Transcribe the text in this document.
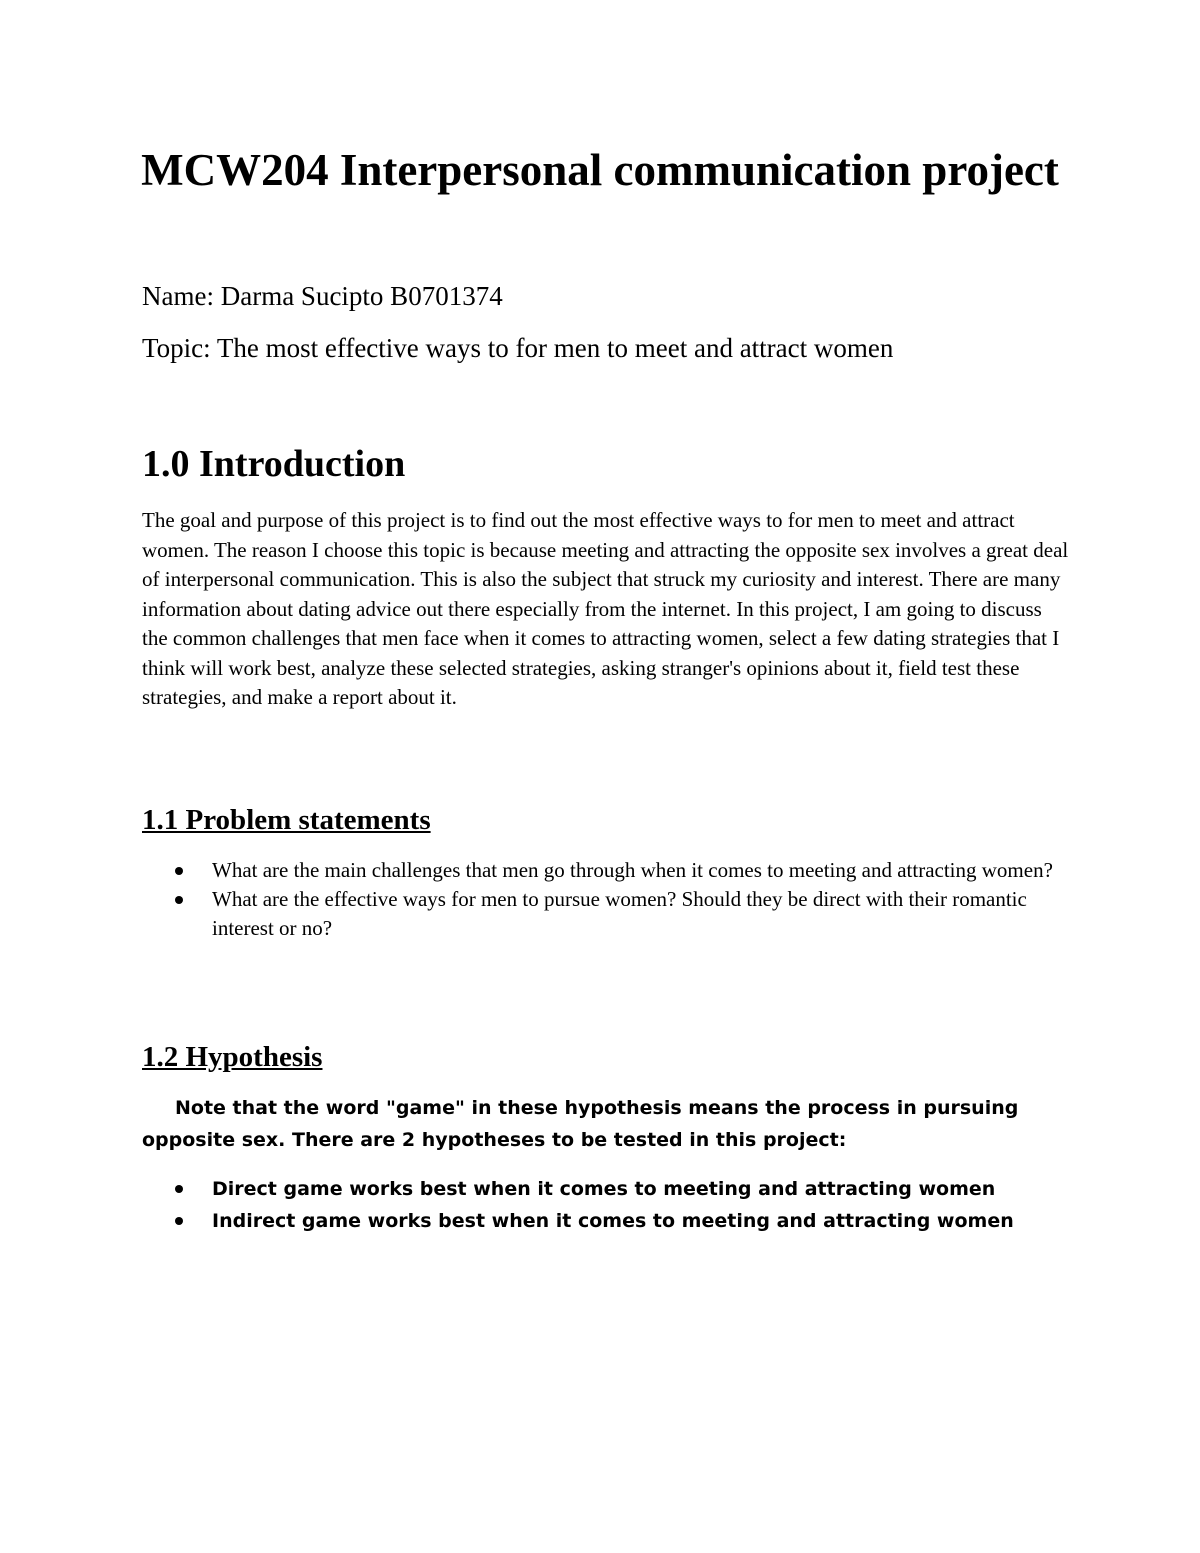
MCW204 Interpersonal communication project

Name: Darma Sucipto B0701374

Topic: The most effective ways to for men to meet and attract women

1.0 Introduction

The goal and purpose of this project is to find out the most effective ways to for men to meet and attract women. The reason I choose this topic is because meeting and attracting the opposite sex involves a great deal of interpersonal communication. This is also the subject that struck my curiosity and interest. There are many information about dating advice out there especially from the internet. In this project, I am going to discuss the common challenges that men face when it comes to attracting women, select a few dating strategies that I think will work best, analyze these selected strategies, asking stranger's opinions about it, field test these strategies, and make a report about it.

1.1 Problem statements
What are the main challenges that men go through when it comes to meeting and attracting women?
What are the effective ways for men to pursue women? Should they be direct with their romantic interest or no?
1.2 Hypothesis

Note that the word "game" in these hypothesis means the process in pursuing opposite sex. There are 2 hypotheses to be tested in this project:

Direct game works best when it comes to meeting and attracting women
Indirect game works best when it comes to meeting and attracting women
